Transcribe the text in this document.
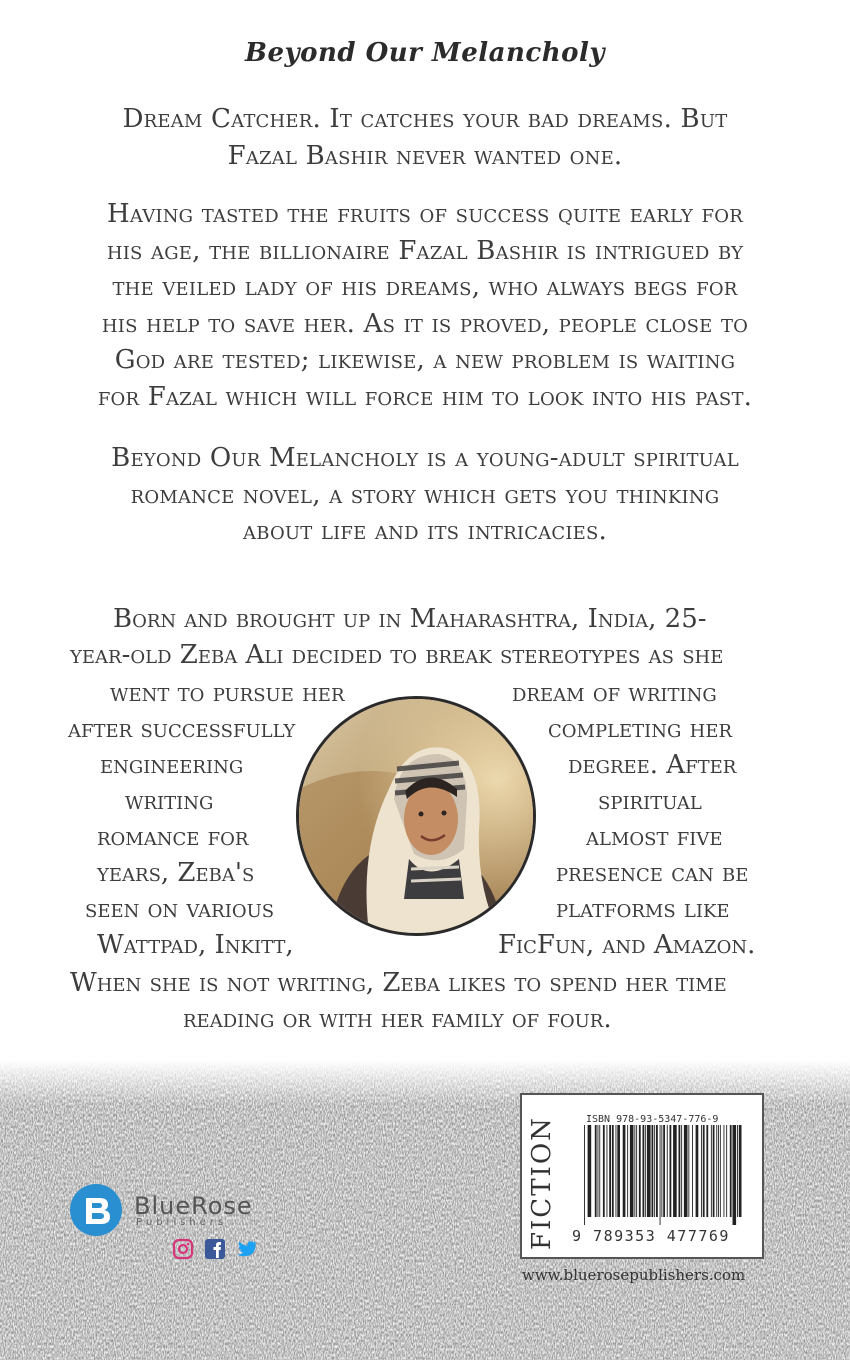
Beyond Our Melancholy
Dream Catcher. It catches your bad dreams. But
Fazal Bashir never wanted one.
Having tasted the fruits of success quite early for
his age, the billionaire Fazal Bashir is intrigued by
the veiled lady of his dreams, who always begs for
his help to save her. As it is proved, people close to
God are tested; likewise, a new problem is waiting
for Fazal which will force him to look into his past.
Beyond Our Melancholy is a young-adult spiritual
romance novel, a story which gets you thinking
about life and its intricacies.
Born and brought up in Maharashtra, India, 25-
year-old Zeba Ali decided to break stereotypes as she
went to pursue her
after successfully
engineering
writing
romance for
years, Zeba's
seen on various
Wattpad, Inkitt,
dream of writing
completing her
degree. After
spiritual
almost five
presence can be
platforms like
FicFun, and Amazon.
When she is not writing, Zeba likes to spend her time
reading or with her family of four.
FICTION	ISBN 978-93-5347-776-9
9 789353 477769
www.bluerosepublishers.com
BlueRose
Publishers
